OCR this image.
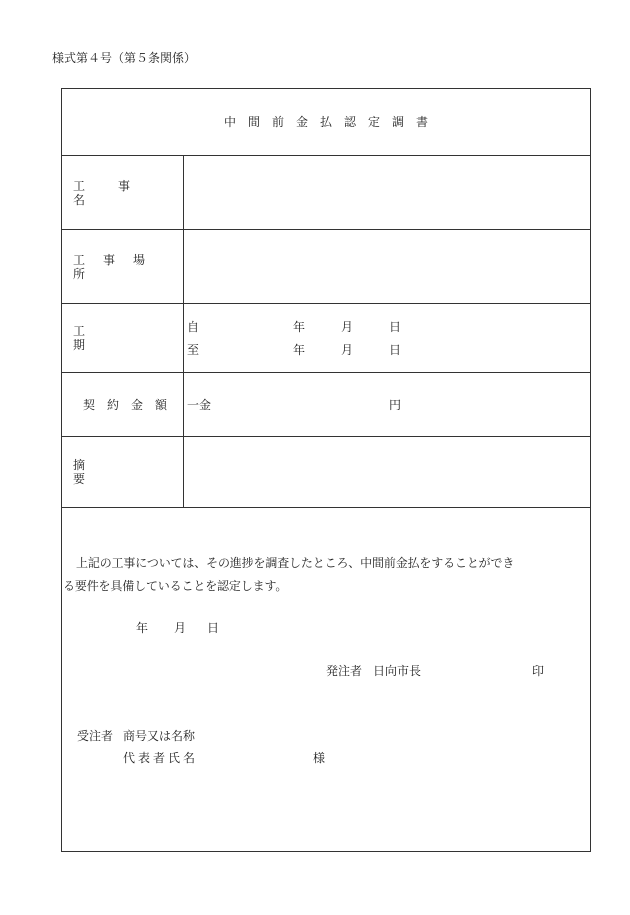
様式第４号（第５条関係）
中間前金払認定調書
工事名
工事場所
工期
自	年	月	日
至	年	月	日
契約金額 一金	円
摘要
上記の工事については、その進捗を調査したところ、中間前金払をすることができ
る要件を具備していることを認定します。
年 月 日
発注者 日向市長	印
受注者 商号又は名称
代表者氏名	様
